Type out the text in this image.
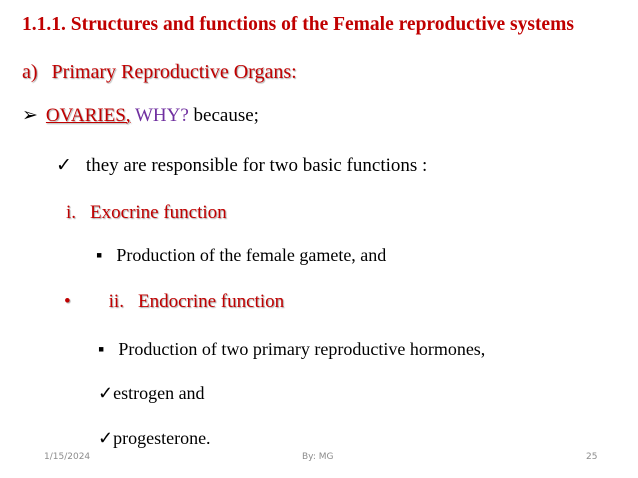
1.1.1. Structures and functions of the Female reproductive systems
a) Primary Reproductive Organs:
➢ OVARIES, WHY? because;
✓ they are responsible for two basic functions :
i. Exocrine function
▪ Production of the female gamete, and
• ii. Endocrine function
▪ Production of two primary reproductive hormones,
✓estrogen and
✓progesterone.
1/15/2024	By: MG	25
